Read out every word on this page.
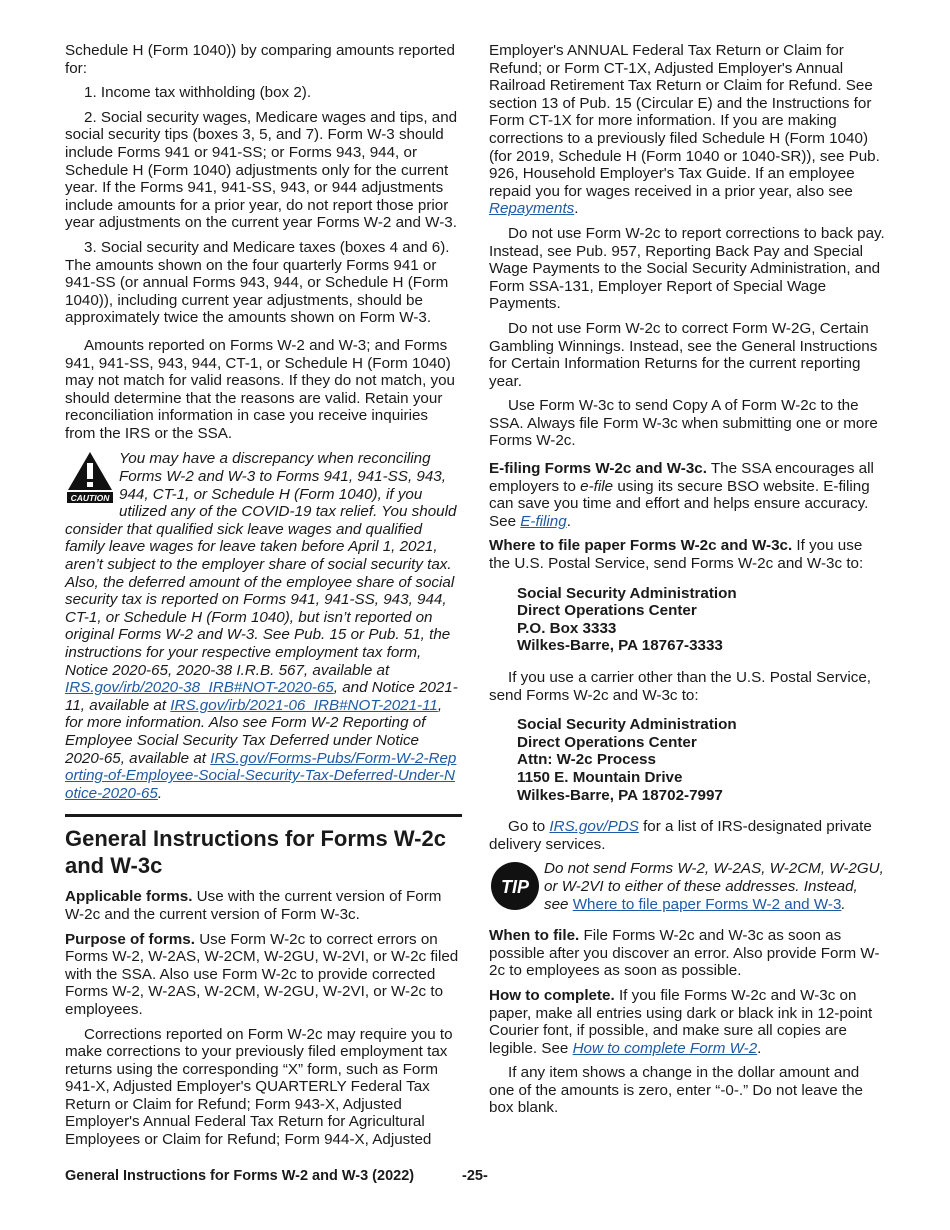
Schedule H (Form 1040)) by comparing amounts reported for:

1. Income tax withholding (box 2).

2. Social security wages, Medicare wages and tips, and social security tips (boxes 3, 5, and 7). Form W-3 should include Forms 941 or 941-SS; or Forms 943, 944, or Schedule H (Form 1040) adjustments only for the current year. If the Forms 941, 941-SS, 943, or 944 adjustments include amounts for a prior year, do not report those prior year adjustments on the current year Forms W-2 and W-3.

3. Social security and Medicare taxes (boxes 4 and 6). The amounts shown on the four quarterly Forms 941 or 941-SS (or annual Forms 943, 944, or Schedule H (Form 1040)), including current year adjustments, should be approximately twice the amounts shown on Form W-3.

Amounts reported on Forms W-2 and W-3; and Forms 941, 941-SS, 943, 944, CT-1, or Schedule H (Form 1040) may not match for valid reasons. If they do not match, you should determine that the reasons are valid. Retain your reconciliation information in case you receive inquiries from the IRS or the SSA.

CAUTION
You may have a discrepancy when reconciling Forms W-2 and W-3 to Forms 941, 941-SS, 943, 944, CT-1, or Schedule H (Form 1040), if you utilized any of the COVID-19 tax relief. You should consider that qualified sick leave wages and qualified family leave wages for leave taken before April 1, 2021, aren’t subject to the employer share of social security tax. Also, the deferred amount of the employee share of social security tax is reported on Forms 941, 941-SS, 943, 944, CT-1, or Schedule H (Form 1040), but isn’t reported on original Forms W-2 and W-3. See Pub. 15 or Pub. 51, the instructions for your respective employment tax form, Notice 2020-65, 2020-38 I.R.B. 567, available at IRS.gov/irb/2020-38_IRB#NOT-2020-65, and Notice 2021-11, available at IRS.gov/irb/2021-06_IRB#NOT-2021-11, for more information. Also see Form W-2 Reporting of Employee Social Security Tax Deferred under Notice 2020-65, available at IRS.gov/Forms-Pubs/Form-W-2-Reporting-of-Employee-Social-Security-Tax-Deferred-Under-Notice-2020-65.
General Instructions for Forms W-2c and W-3c

Applicable forms. Use with the current version of Form W-2c and the current version of Form W-3c.

Purpose of forms. Use Form W-2c to correct errors on Forms W-2, W-2AS, W-2CM, W-2GU, W-2VI, or W-2c filed with the SSA. Also use Form W-2c to provide corrected Forms W-2, W-2AS, W-2CM, W-2GU, W-2VI, or W-2c to employees.

Corrections reported on Form W-2c may require you to make corrections to your previously filed employment tax returns using the corresponding “X” form, such as Form 941-X, Adjusted Employer's QUARTERLY Federal Tax Return or Claim for Refund; Form 943-X, Adjusted Employer's Annual Federal Tax Return for Agricultural Employees or Claim for Refund; Form 944-X, Adjusted

Employer's ANNUAL Federal Tax Return or Claim for Refund; or Form CT-1X, Adjusted Employer's Annual Railroad Retirement Tax Return or Claim for Refund. See section 13 of Pub. 15 (Circular E) and the Instructions for Form CT-1X for more information. If you are making corrections to a previously filed Schedule H (Form 1040) (for 2019, Schedule H (Form 1040 or 1040-SR)), see Pub. 926, Household Employer's Tax Guide. If an employee repaid you for wages received in a prior year, also see Repayments.

Do not use Form W-2c to report corrections to back pay. Instead, see Pub. 957, Reporting Back Pay and Special Wage Payments to the Social Security Administration, and Form SSA-131, Employer Report of Special Wage Payments.

Do not use Form W-2c to correct Form W-2G, Certain Gambling Winnings. Instead, see the General Instructions for Certain Information Returns for the current reporting year.

Use Form W-3c to send Copy A of Form W-2c to the SSA. Always file Form W-3c when submitting one or more Forms W-2c.

E-filing Forms W-2c and W-3c. The SSA encourages all employers to e-file using its secure BSO website. E-filing can save you time and effort and helps ensure accuracy. See E-filing.

Where to file paper Forms W-2c and W-3c. If you use the U.S. Postal Service, send Forms W-2c and W-3c to:

Social Security Administration
Direct Operations Center
P.O. Box 3333
Wilkes-Barre, PA 18767-3333

If you use a carrier other than the U.S. Postal Service, send Forms W-2c and W-3c to:

Social Security Administration
Direct Operations Center
Attn: W-2c Process
1150 E. Mountain Drive
Wilkes-Barre, PA 18702-7997

Go to IRS.gov/PDS for a list of IRS-designated private delivery services.

TIP
Do not send Forms W-2, W-2AS, W-2CM, W-2GU, or W-2VI to either of these addresses. Instead, see Where to file paper Forms W-2 and W-3.

When to file. File Forms W-2c and W-3c as soon as possible after you discover an error. Also provide Form W-2c to employees as soon as possible.

How to complete. If you file Forms W-2c and W-3c on paper, make all entries using dark or black ink in 12-point Courier font, if possible, and make sure all copies are legible. See How to complete Form W-2.

If any item shows a change in the dollar amount and one of the amounts is zero, enter “-0-.” Do not leave the box blank.

General Instructions for Forms W-2 and W-3 (2022)	-25-
